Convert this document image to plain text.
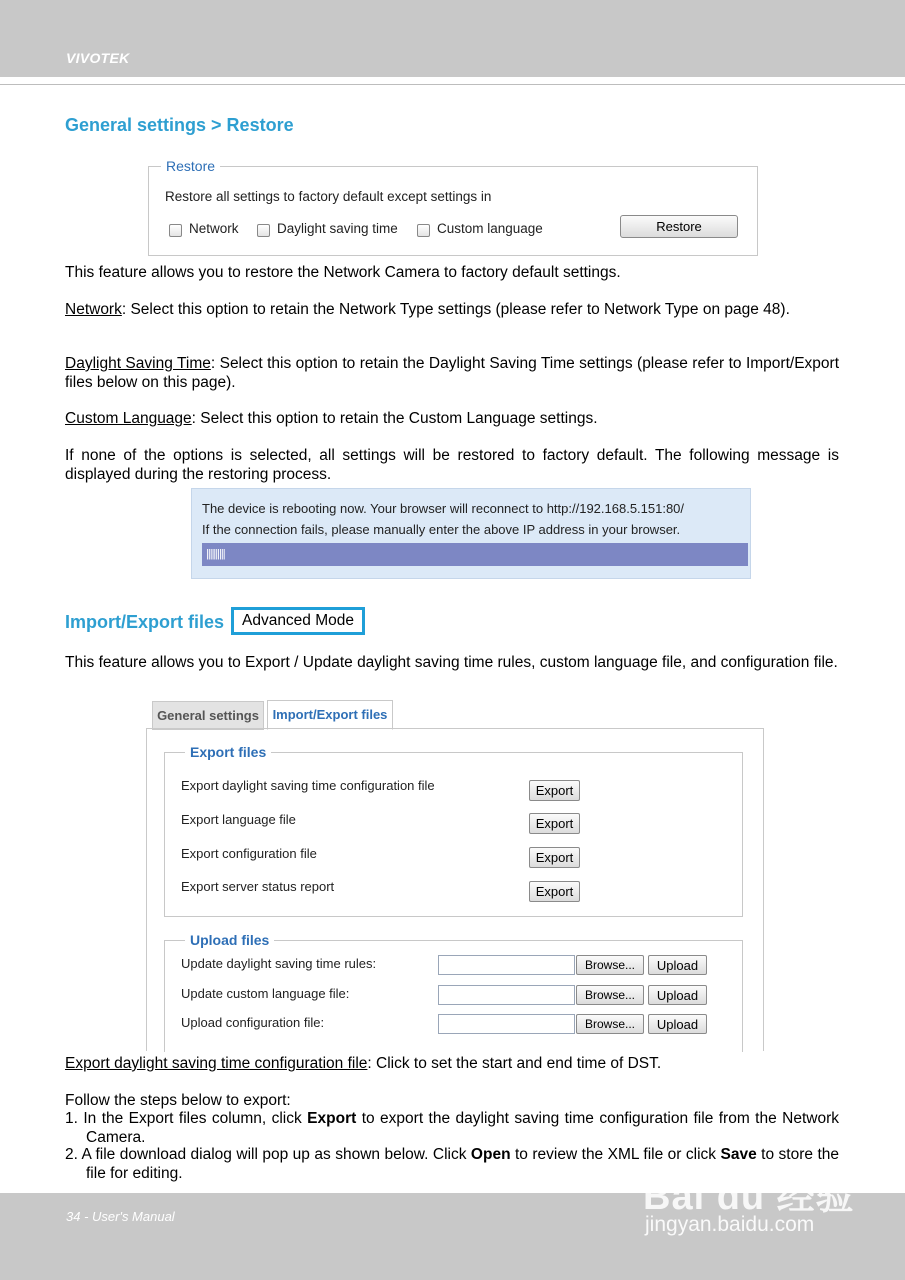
VIVOTEK
General settings > Restore
Restore
Restore all settings to factory default except settings in
Network	Daylight saving time	Custom language	Restore
This feature allows you to restore the Network Camera to factory default settings.
Network: Select this option to retain the Network Type settings (please refer to Network Type on page 48).
Daylight Saving Time: Select this option to retain the Daylight Saving Time settings (please refer to Import/Export files below on this page).
Custom Language: Select this option to retain the Custom Language settings.
If none of the options is selected, all settings will be restored to factory default. The following message is displayed during the restoring process.
The device is rebooting now. Your browser will reconnect to http://192.168.5.151:80/
If the connection fails, please manually enter the above IP address in your browser.
||||||||||
Import/Export files	Advanced Mode
This feature allows you to Export / Update daylight saving time rules, custom language file, and configuration file.
General settings	Import/Export files
Export files
Export daylight saving time configuration file	Export
Export language file	Export
Export configuration file	Export
Export server status report	Export
Upload files
Update daylight saving time rules:	Browse...	Upload
Update custom language file:	Browse...	Upload
Upload configuration file:	Browse...	Upload
Export daylight saving time configuration file: Click to set the start and end time of DST.
Follow the steps below to export:
1. In the Export files column, click Export to export the daylight saving time configuration file from the Network Camera.
2. A file download dialog will pop up as shown below. Click Open to review the XML file or click Save to store the file for editing.
34 - User's Manual	Bai du 经验
jingyan.baidu.com
